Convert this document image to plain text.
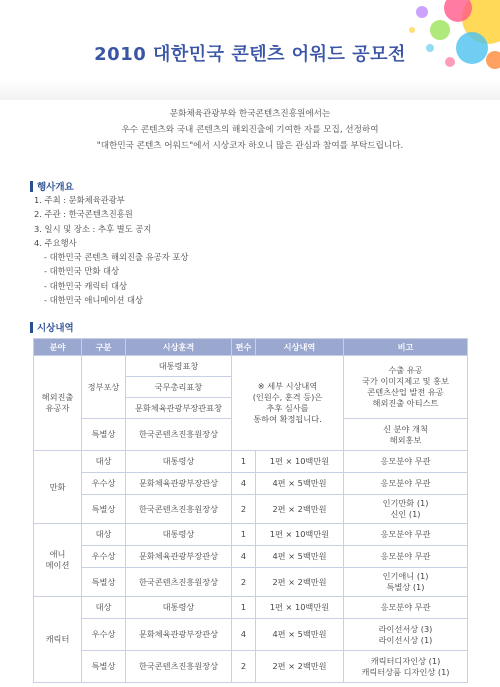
2010 대한민국 콘텐츠 어워드 공모전
문화체육관광부와 한국콘텐츠진흥원에서는
우수 콘텐츠와 국내 콘텐츠의 해외진출에 기여한 자를 모집, 선정하여
"대한민국 콘텐츠 어워드"에서 시상코자 하오니 많은 관심과 참여를 부탁드립니다.
행사개요
1. 주최 : 문화체육관광부
2. 주관 : 한국콘텐츠진흥원
3. 일시 및 장소 : 추후 별도 공지
4. 주요행사
- 대한민국 콘텐츠 해외진출 유공자 포상
- 대한민국 만화 대상
- 대한민국 캐릭터 대상
- 대한민국 애니메이션 대상
시상내역
분야	구분	시상훈격	편수	시상내역	비고

해외진출
유공자	정부포상	대통령표창	※ 세부 시상내역
(인원수, 훈격 등)은
추후 심사를
통하여 확정됩니다.		수출 유공
국가 이미지제고 및 홍보
콘텐츠산업 발전 유공
해외진출 아티스트

		국무총리표창			
		문화체육관광부장관표창			
	특별상	한국콘텐츠진흥원장상			신 분야 개척
해외홍보

만화	대상	대통령상	1	1편 × 10백만원	응모분야 무관
	우수상	문화체육관광부장관상	4	4편 × 5백만원	응모분야 무관
	특별상	한국콘텐츠진흥원장상	2	2편 × 2백만원	인기만화 (1)
신인 (1)

애니
메이션	대상	대통령상	1	1편 × 10백만원	응모분야 무관
	우수상	문화체육관광부장관상	4	4편 × 5백만원	응모분야 무관
	특별상	한국콘텐츠진흥원장상	2	2편 × 2백만원	인기애니 (1)
특별상 (1)

캐릭터	대상	대통령상	1	1편 × 10백만원	응모분야 무관
	우수상	문화체육관광부장관상	4	4편 × 5백만원	라이선서상 (3)
라이선시상 (1)

	특별상	한국콘텐츠진흥원장상	2	2편 × 2백만원	캐릭터디자인상 (1)
캐릭터상품 디자인상 (1)
